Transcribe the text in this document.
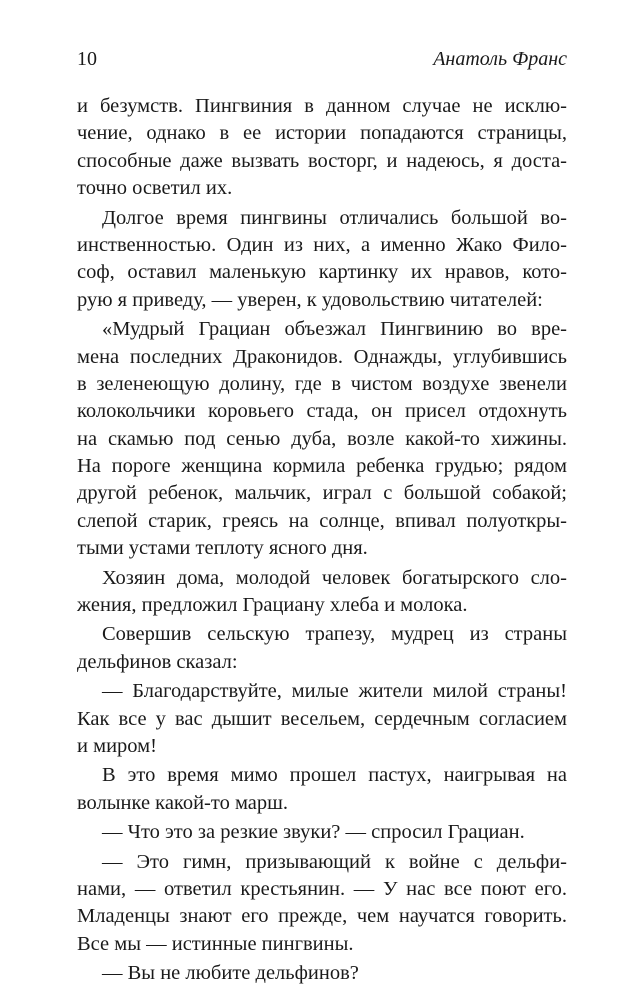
10	Анатоль Франс
и безумств. Пингвиния в данном случае не исклю-
чение, однако в ее истории попадаются страницы,
способные даже вызвать восторг, и надеюсь, я доста-
точно осветил их.
Долгое время пингвины отличались большой во-
инственностью. Один из них, а именно Жако Фило-
соф, оставил маленькую картинку их нравов, кото-
рую я приведу, — уверен, к удовольствию читателей:
«Мудрый Грациан объезжал Пингвинию во вре-
мена последних Драконидов. Однажды, углубившись
в зеленеющую долину, где в чистом воздухе звенели
колокольчики коровьего стада, он присел отдохнуть
на скамью под сенью дуба, возле какой-то хижины.
На пороге женщина кормила ребенка грудью; рядом
другой ребенок, мальчик, играл с большой собакой;
слепой старик, греясь на солнце, впивал полуоткры-
тыми устами теплоту ясного дня.
Хозяин дома, молодой человек богатырского сло-
жения, предложил Грациану хлеба и молока.
Совершив сельскую трапезу, мудрец из страны
дельфинов сказал:
— Благодарствуйте, милые жители милой страны!
Как все у вас дышит весельем, сердечным согласием
и миром!
В это время мимо прошел пастух, наигрывая на
волынке какой-то марш.
— Что это за резкие звуки? — спросил Грациан.
— Это гимн, призывающий к войне с дельфи-
нами, — ответил крестьянин. — У нас все поют его.
Младенцы знают его прежде, чем научатся говорить.
Все мы — истинные пингвины.
— Вы не любите дельфинов?
